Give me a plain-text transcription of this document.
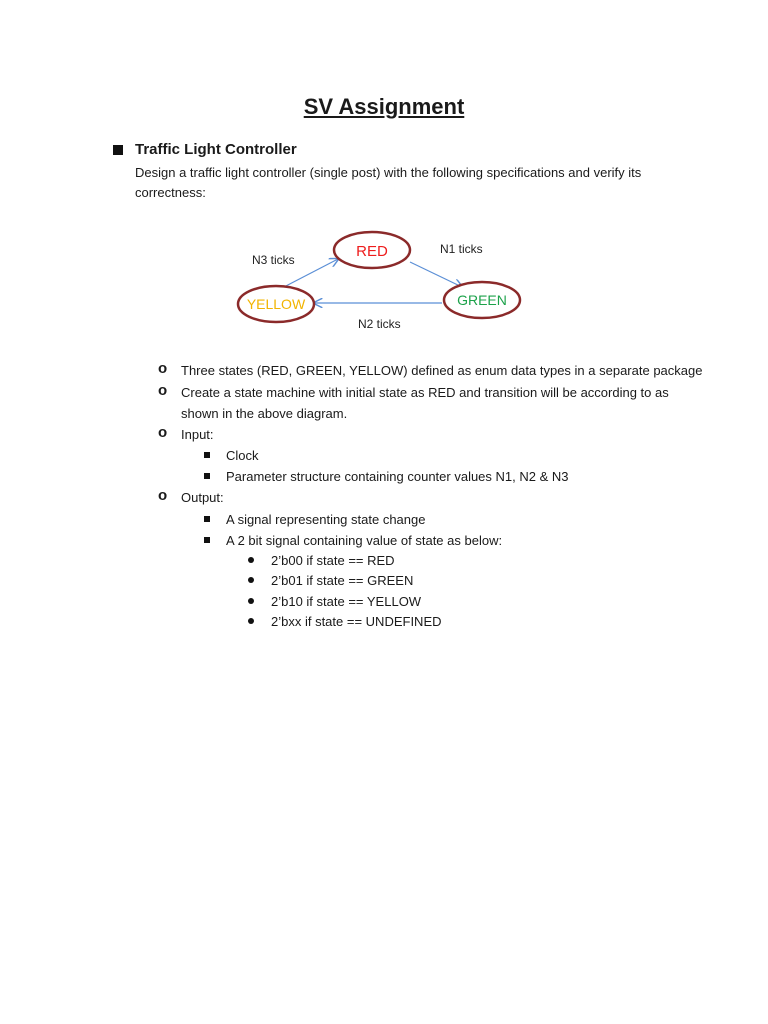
SV Assignment
Traffic Light Controller

Design a traffic light controller (single post) with the following specifications and verify its correctness:

RED
GREEN
YELLOW
N1 ticks
N3 ticks
N2 ticks
o Three states (RED, GREEN, YELLOW) defined as enum data types in a separate package
o Create a state machine with initial state as RED and transition will be according to as
shown in the above diagram.
o Input:
Clock
Parameter structure containing counter values N1, N2 & N3
o Output:
A signal representing state change
A 2 bit signal containing value of state as below:
2’b00 if state == RED
2’b01 if state == GREEN
2’b10 if state == YELLOW
2’bxx if state == UNDEFINED
